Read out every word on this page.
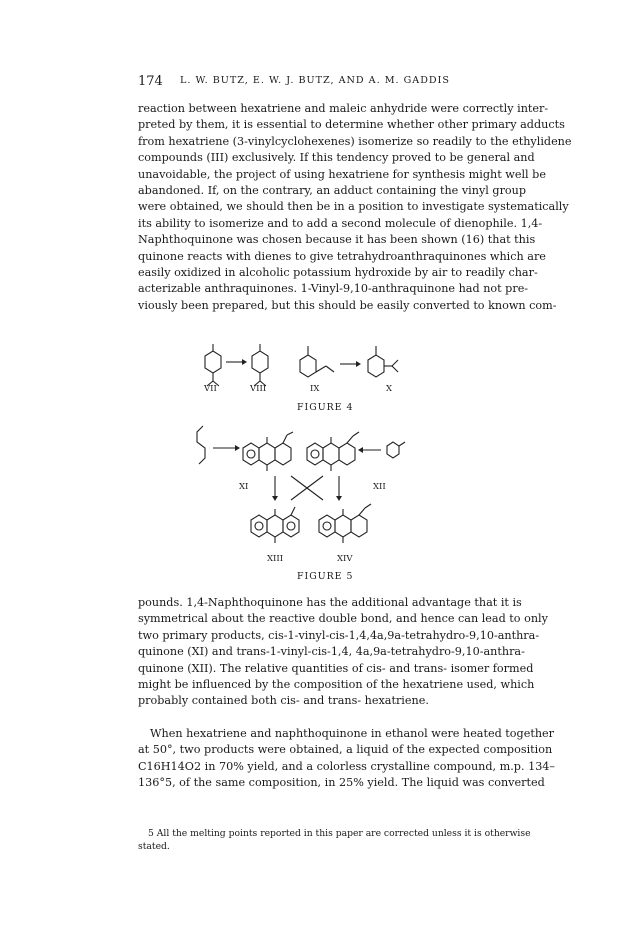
174 L. W. BUTZ, E. W. J. BUTZ, AND A. M. GADDIS
reaction between hexatriene and maleic anhydride were correctly inter-
preted by them, it is essential to determine whether other primary adducts
from hexatriene (3-vinylcyclohexenes) isomerize so readily to the ethylidene
compounds (III) exclusively. If this tendency proved to be general and
unavoidable, the project of using hexatriene for synthesis might well be
abandoned. If, on the contrary, an adduct containing the vinyl group
were obtained, we should then be in a position to investigate systematically
its ability to isomerize and to add a second molecule of dienophile. 1,4-
Naphthoquinone was chosen because it has been shown (16) that this
quinone reacts with dienes to give tetrahydroanthraquinones which are
easily oxidized in alcoholic potassium hydroxide by air to readily char-
acterizable anthraquinones. 1-Vinyl-9,10-anthraquinone had not pre-
viously been prepared, but this should be easily converted to known com-
VII	VIII	IX	X
FIGURE 4
XI	XII
XIII	XIV
FIGURE 5
pounds. 1,4-Naphthoquinone has the additional advantage that it is
symmetrical about the reactive double bond, and hence can lead to only
two primary products, cis-1-vinyl-cis-1,4,4a,9a-tetrahydro-9,10-anthra-
quinone (XI) and trans-1-vinyl-cis-1,4, 4a,9a-tetrahydro-9,10-anthra-
quinone (XII). The relative quantities of cis- and trans- isomer formed
might be influenced by the composition of the hexatriene used, which
probably contained both cis- and trans- hexatriene.
When hexatriene and naphthoquinone in ethanol were heated together
at 50°, two products were obtained, a liquid of the expected composition
C16H14O2 in 70% yield, and a colorless crystalline compound, m.p. 134–
136°5, of the same composition, in 25% yield. The liquid was converted
5 All the melting points reported in this paper are corrected unless it is otherwise
stated.
